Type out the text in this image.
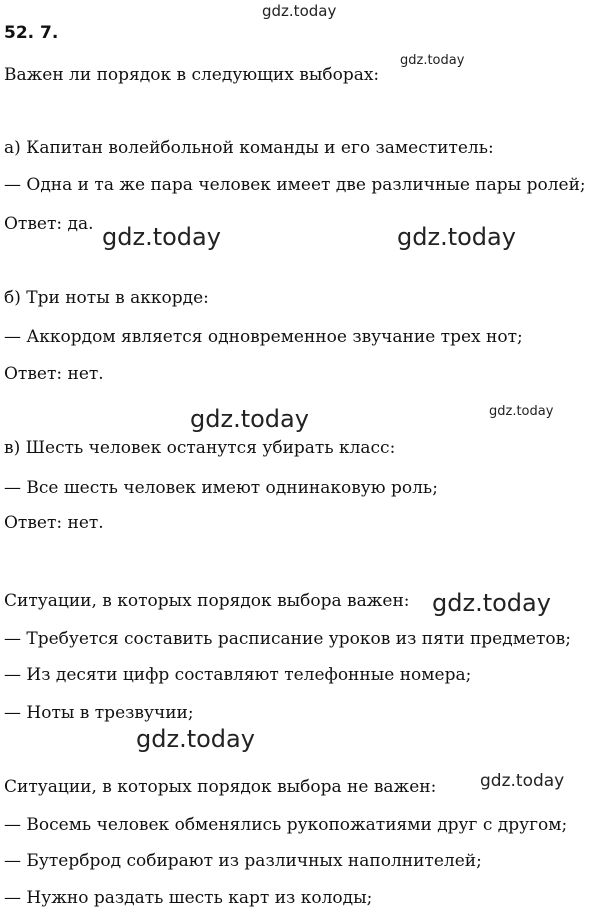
gdz.today
gdz.today
gdz.today	gdz.today
gdz.today	gdz.today
gdz.today
gdz.today
gdz.today
52. 7.
Важен ли порядок в следующих выборах:
а) Капитан волейбольной команды и его заместитель:
— Одна и та же пара человек имеет две различные пары ролей;
Ответ: да.
б) Три ноты в аккорде:
— Аккордом является одновременное звучание трех нот;
Ответ: нет.
в) Шесть человек останутся убирать класс:
— Все шесть человек имеют однинаковую роль;
Ответ: нет.
Ситуации, в которых порядок выбора важен:
— Требуется составить расписание уроков из пяти предметов;
— Из десяти цифр составляют телефонные номера;
— Ноты в трезвучии;
Ситуации, в которых порядок выбора не важен:
— Восемь человек обменялись рукопожатиями друг с другом;
— Бутерброд собирают из различных наполнителей;
— Нужно раздать шесть карт из колоды;
